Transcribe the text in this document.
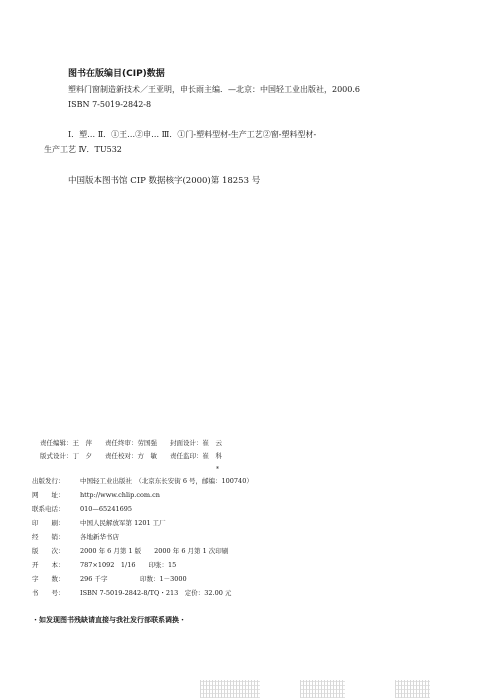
图书在版编目(CIP)数据
塑料门窗制造新技术／王亚明，申长雨主编．—北京：中国轻工业出版社，2000.6
ISBN 7-5019-2842-8
Ⅰ．塑… Ⅱ．①王…②申… Ⅲ．①门-塑料型材-生产工艺②窗-塑料型材-
生产工艺 Ⅳ．TU532
中国版本图书馆 CIP 数据核字(2000)第 18253 号
责任编辑：王　萍　　责任终审：劳国强　　封面设计：崔　云
版式设计：丁　夕　　责任校对：方　敏　　责任监印：崔　科
*
出版发行： 中国轻工业出版社　（北京东长安街 6 号，邮编：100740）
网　　址： http://www.chlip.com.cn
联系电话： 010—65241695
印　　刷： 中国人民解放军第 1201 工厂
经　　销： 各地新华书店
版　　次： 2000 年 6 月第 1 版　　2000 年 6 月第 1 次印刷
开　　本： 787×1092　1/16　　印张：15
字　　数： 296 千字　　　　　印数：1－3000
书　　号： ISBN 7-5019-2842-8/TQ・213　定价：32.00 元
・如发现图书残缺请直接与我社发行部联系调换・
